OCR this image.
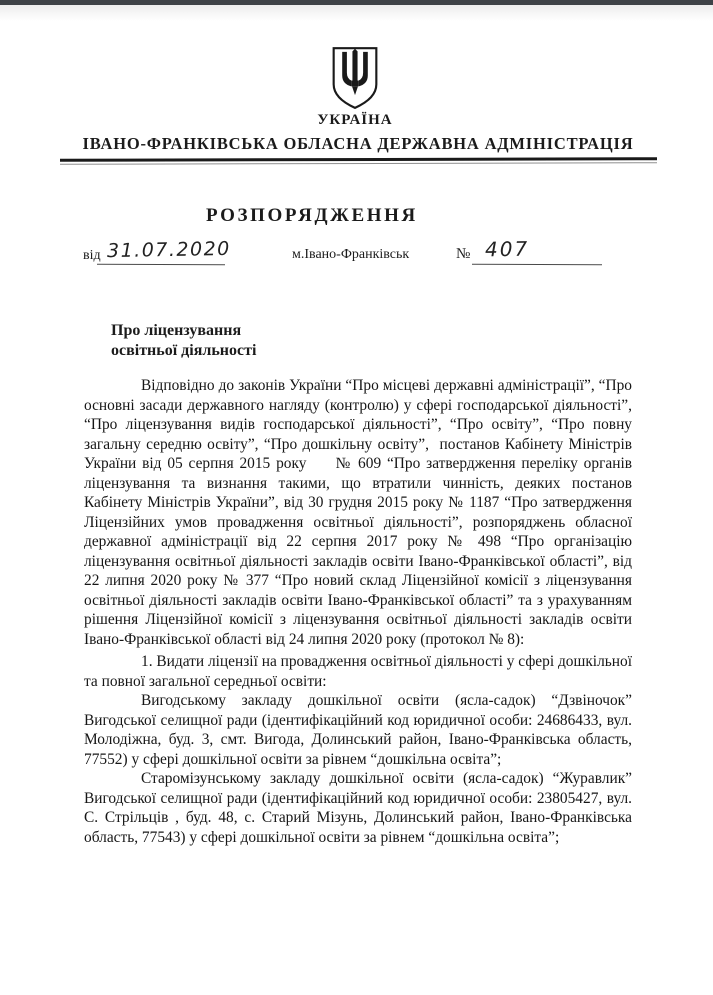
УКРАЇНА
ІВАНО-ФРАНКІВСЬКА ОБЛАСНА ДЕРЖАВНА АДМІНІСТРАЦІЯ
РОЗПОРЯДЖЕННЯ
від 31.07.2020	м.Івано-Франківськ	№ 407
Про ліцензування
освітньої діяльності

Відповідно до законів України “Про місцеві державні адміністрації”, “Про основні засади державного нагляду (контролю) у сфері господарської діяльності”, “Про ліцензування видів господарської діяльності”, “Про освіту”, “Про повну загальну середню освіту”, “Про дошкільну освіту”,  постанов Кабінету Міністрів України від 05 серпня 2015 року     № 609 “Про затвердження переліку органів ліцензування та визнання такими, що втратили чинність, деяких постанов Кабінету Міністрів України”, від 30 грудня 2015 року № 1187 “Про затвердження Ліцензійних умов провадження освітньої діяльності”, розпоряджень обласної державної адміністрації від 22 серпня 2017 року № 498 “Про організацію ліцензування освітньої діяльності закладів освіти Івано-Франківської області”, від 22 липня 2020 року № 377 “Про новий склад Ліцензійної комісії з ліцензування освітньої діяльності закладів освіти Івано-Франківської області” та з урахуванням рішення Ліцензійної комісії з ліцензування освітньої діяльності закладів освіти Івано-Франківської області від 24 липня 2020 року (протокол № 8):

1. Видати ліцензії на провадження освітньої діяльності у сфері дошкільної та повної загальної середньої освіти:

Вигодському закладу дошкільної освіти (ясла-садок) “Дзвіночок” Вигодської селищної ради (ідентифікаційний код юридичної особи: 24686433, вул. Молодіжна, буд. 3, смт. Вигода, Долинський район, Івано-Франківська область, 77552) у сфері дошкільної освіти за рівнем “дошкільна освіта”;

Старомізунському закладу дошкільної освіти (ясла-садок) “Журавлик” Вигодської селищної ради (ідентифікаційний код юридичної особи: 23805427, вул. С. Стрільців , буд. 48, с. Старий Мізунь, Долинський район, Івано-Франківська область, 77543) у сфері дошкільної освіти за рівнем “дошкільна освіта”;
